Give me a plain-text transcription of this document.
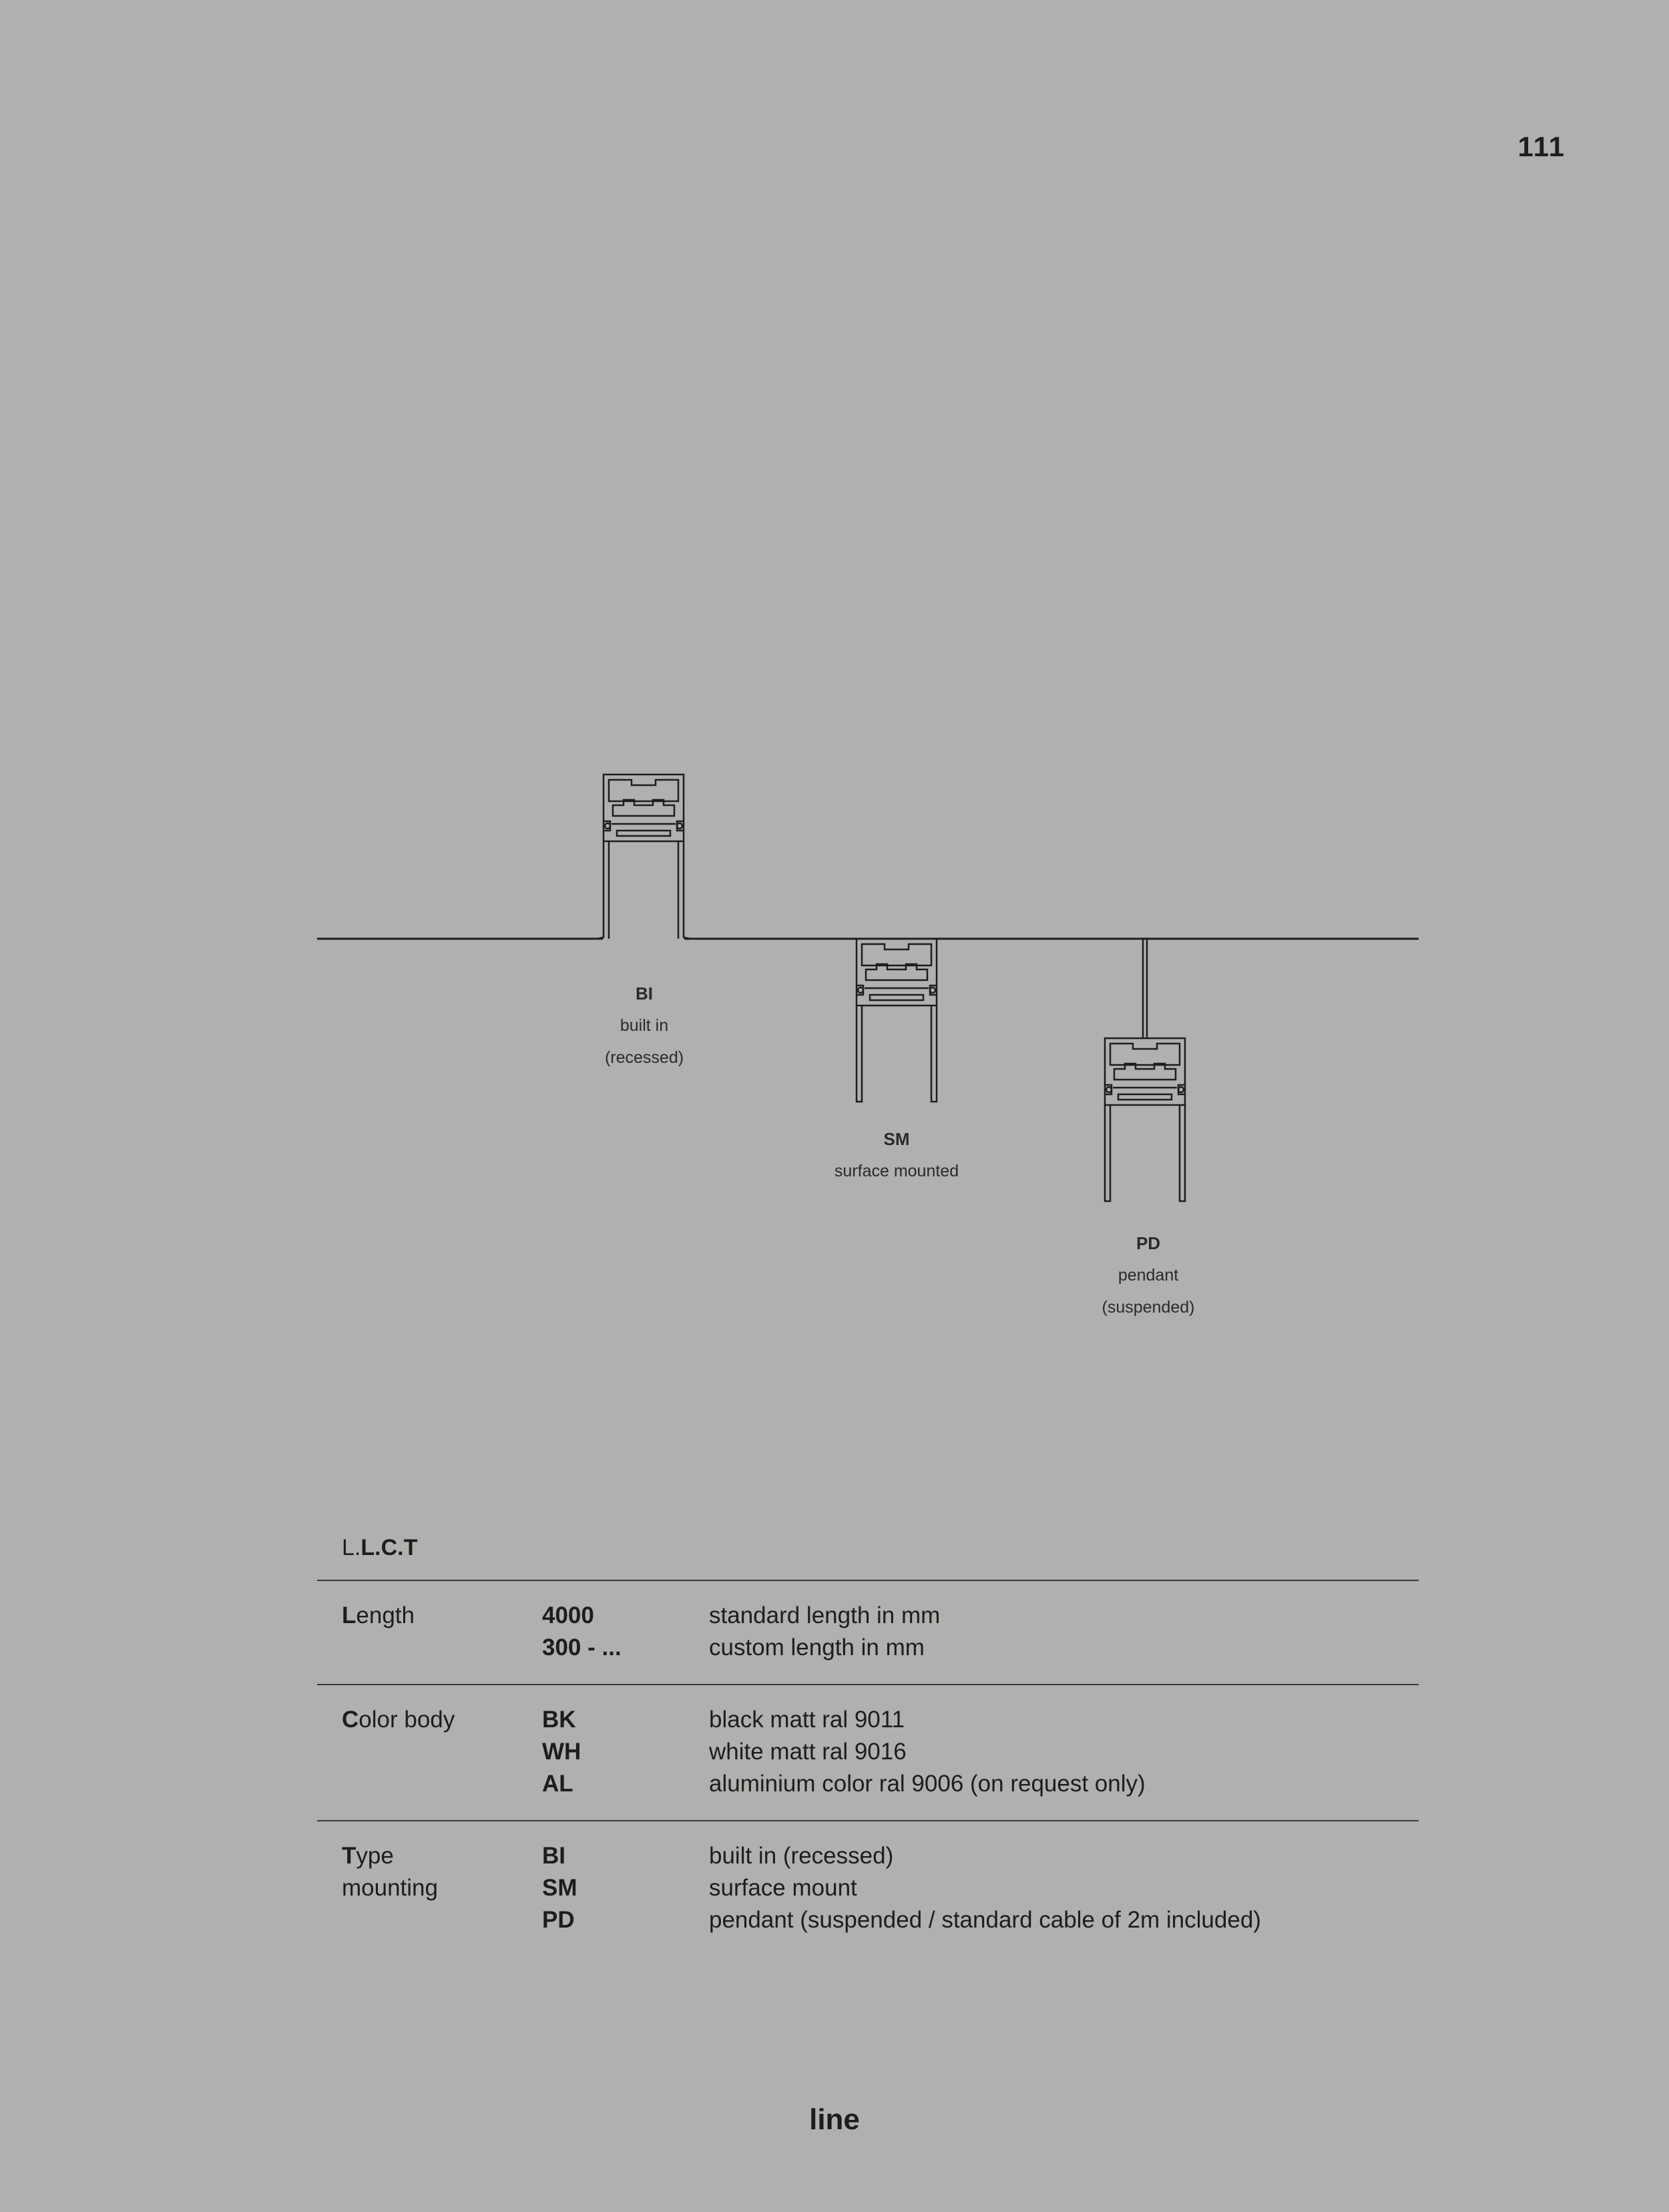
111
BI
built in
(recessed)
SM
surface mounted
PD
pendant
(suspended)
L.L.C.T
Length	4000
300 - ...
standard length in mm
custom length in mm
Color body	BK
WH
AL
black matt ral 9011
white matt ral 9016
aluminium color ral 9006 (on request only)
Type
mounting
BI
SM
PD
built in (recessed)
surface mount
pendant (suspended / standard cable of 2m included)
line
